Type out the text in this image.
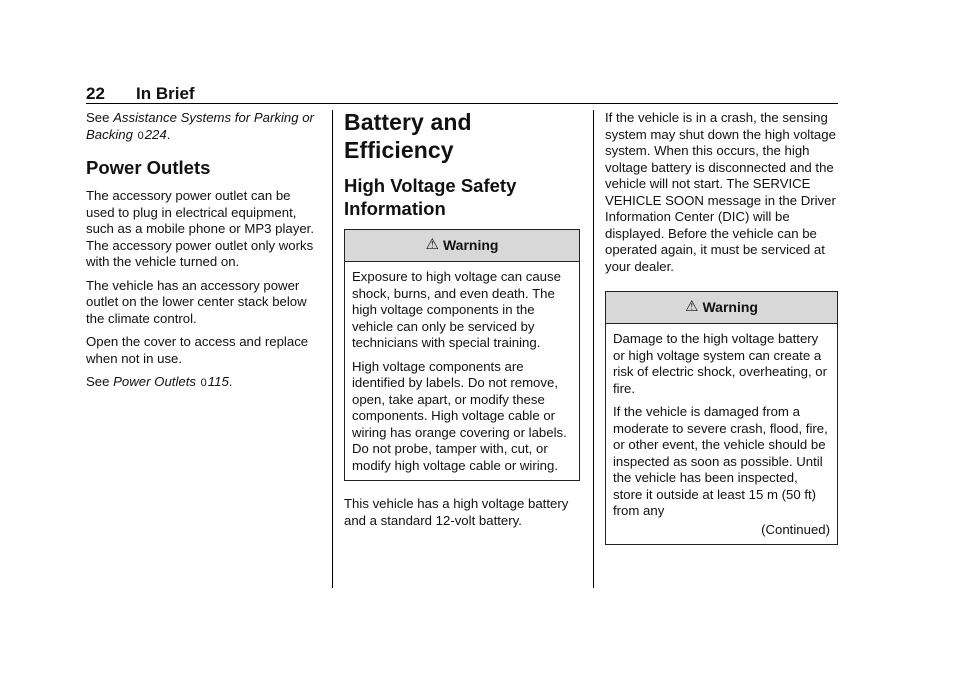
22 In Brief

See Assistance Systems for Parking or Backing 0224.

Power Outlets

The accessory power outlet can be used to plug in electrical equipment, such as a mobile phone or MP3 player. The accessory power outlet only works with the vehicle turned on.

The vehicle has an accessory power outlet on the lower center stack below the climate control.

Open the cover to access and replace when not in use.

See Power Outlets 0115.

Battery and Efficiency
High Voltage Safety Information
⚠ Warning

Exposure to high voltage can cause shock, burns, and even death. The high voltage components in the vehicle can only be serviced by technicians with special training.

High voltage components are identified by labels. Do not remove, open, take apart, or modify these components. High voltage cable or wiring has orange covering or labels. Do not probe, tamper with, cut, or modify high voltage cable or wiring.

This vehicle has a high voltage battery and a standard 12-volt battery.

If the vehicle is in a crash, the sensing system may shut down the high voltage system. When this occurs, the high voltage battery is disconnected and the vehicle will not start. The SERVICE VEHICLE SOON message in the Driver Information Center (DIC) will be displayed. Before the vehicle can be operated again, it must be serviced at your dealer.

⚠ Warning

Damage to the high voltage battery or high voltage system can create a risk of electric shock, overheating, or fire.

If the vehicle is damaged from a moderate to severe crash, flood, fire, or other event, the vehicle should be inspected as soon as possible. Until the vehicle has been inspected, store it outside at least 15 m (50 ft) from any

(Continued)
